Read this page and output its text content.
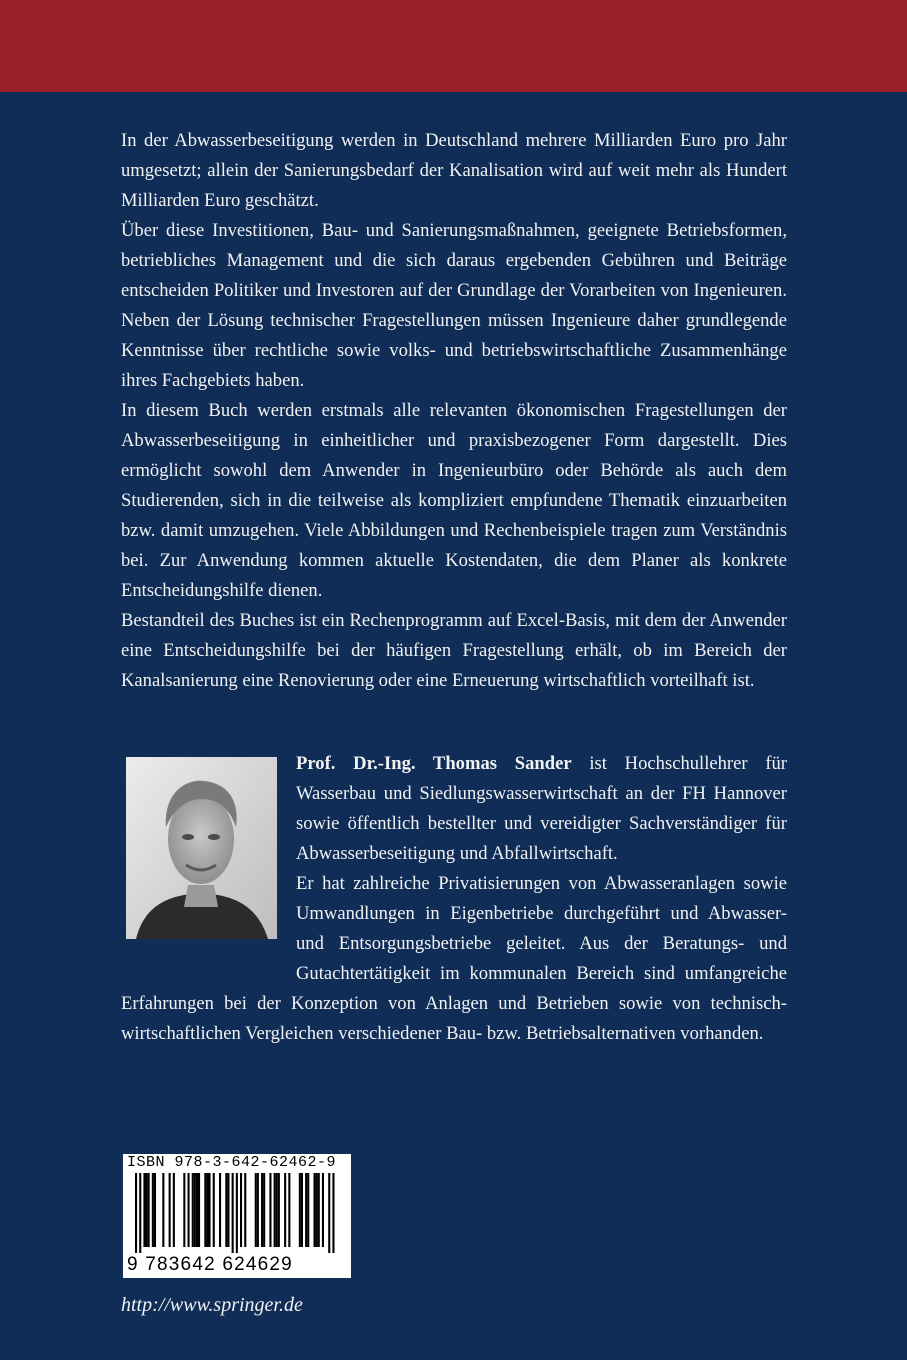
In der Abwasserbeseitigung werden in Deutschland mehrere Milliarden Euro pro Jahr umgesetzt; allein der Sanierungsbedarf der Kanalisation wird auf weit mehr als Hundert Milliarden Euro geschätzt.

Über diese Investitionen, Bau- und Sanierungsmaßnahmen, geeignete Betriebsformen, betriebliches Management und die sich daraus ergebenden Gebühren und Beiträge entscheiden Politiker und Investoren auf der Grundlage der Vorarbeiten von Ingenieuren. Neben der Lösung technischer Fragestellungen müssen Ingenieure daher grundlegende Kenntnisse über rechtliche sowie volks- und betriebswirtschaftliche Zusammenhänge ihres Fachgebiets haben.

In diesem Buch werden erstmals alle relevanten ökonomischen Fragestellungen der Abwasserbeseitigung in einheitlicher und praxisbezogener Form dargestellt. Dies ermöglicht sowohl dem Anwender in Ingenieurbüro oder Behörde als auch dem Studierenden, sich in die teilweise als kompliziert empfundene Thematik einzuarbeiten bzw. damit umzugehen. Viele Abbildungen und Rechenbeispiele tragen zum Verständnis bei. Zur Anwendung kommen aktuelle Kostendaten, die dem Planer als konkrete Entscheidungshilfe dienen.

Bestandteil des Buches ist ein Rechenprogramm auf Excel-Basis, mit dem der Anwender eine Entscheidungshilfe bei der häufigen Fragestellung erhält, ob im Bereich der Kanalsanierung eine Renovierung oder eine Erneuerung wirtschaftlich vorteilhaft ist.

Prof. Dr.-Ing. Thomas Sander ist Hochschullehrer für Wasserbau und Siedlungswasserwirtschaft an der FH Hannover sowie öffentlich bestellter und vereidigter Sachverständiger für Abwasserbeseitigung und Abfallwirtschaft.

Er hat zahlreiche Privatisierungen von Abwasseranlagen sowie Umwandlungen in Eigenbetriebe durchgeführt und Abwasser- und Entsorgungsbetriebe geleitet. Aus der Beratungs- und Gutachtertätigkeit im kommunalen Bereich sind umfangreiche Erfahrungen bei der Konzeption von Anlagen und Betrieben sowie von technisch-wirtschaftlichen Vergleichen verschiedener Bau- bzw. Betriebsalternativen vorhanden.

ISBN 978-3-642-62462-9
9 783642 624629
http://www.springer.de
